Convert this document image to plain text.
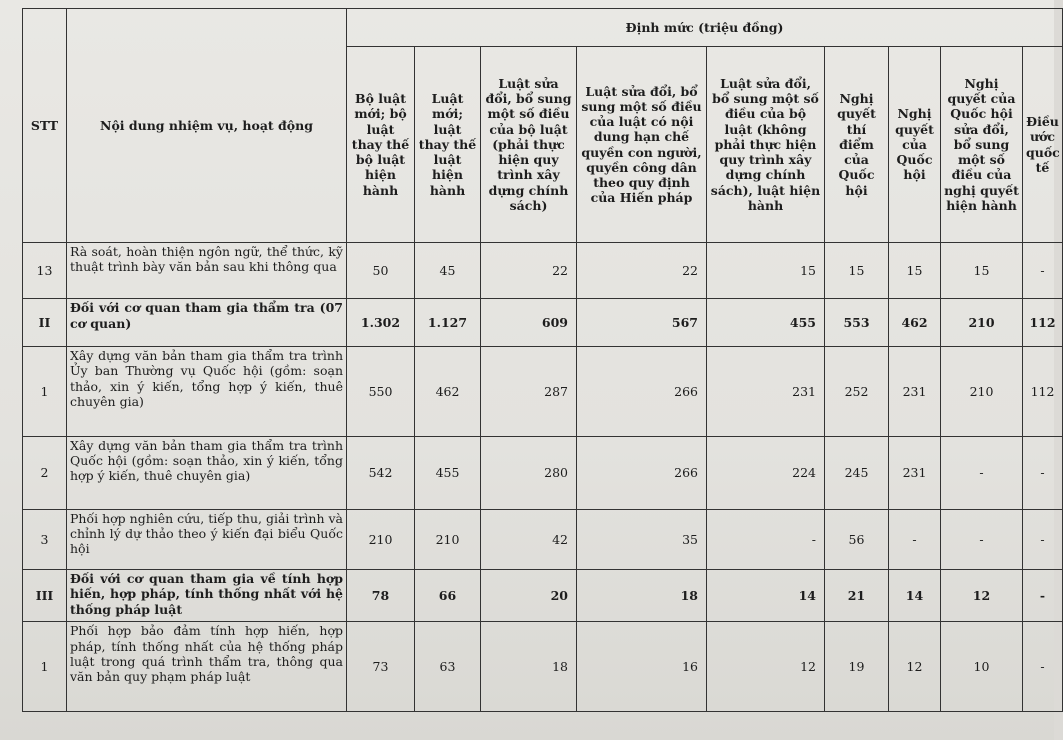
STT	Nội dung nhiệm vụ, hoạt động	Định mức (triệu đồng)								
		Bộ luật mới; bộ luật thay thế bộ luật hiện hành	Luật mới; luật thay thế luật hiện hành	Luật sửa đổi, bổ sung một số điều của bộ luật (phải thực hiện quy trình xây dựng chính sách)	Luật sửa đổi, bổ sung một số điều của luật có nội dung hạn chế quyền con người, quyền công dân theo quy định của Hiến pháp	Luật sửa đổi, bổ sung một số điều của bộ luật (không phải thực hiện quy trình xây dựng chính sách), luật hiện hành	Nghị quyết thí điểm của Quốc hội	Nghị quyết của Quốc hội	Nghị quyết của Quốc hội sửa đổi, bổ sung một số điều của nghị quyết hiện hành	Điều ước quốc tế
13	Rà soát, hoàn thiện ngôn ngữ, thể thức, kỹ thuật trình bày văn bản sau khi thông qua	50	45	22	22	15	15	15	15	-
II	Đối với cơ quan tham gia thẩm tra (07 cơ quan)	1.302	1.127	609	567	455	553	462	210	112
1	Xây dựng văn bản tham gia thẩm tra trình Ủy ban Thường vụ Quốc hội (gồm: soạn thảo, xin ý kiến, tổng hợp ý kiến, thuê chuyên gia)	550	462	287	266	231	252	231	210	112
2	Xây dựng văn bản tham gia thẩm tra trình Quốc hội (gồm: soạn thảo, xin ý kiến, tổng hợp ý kiến, thuê chuyên gia)	542	455	280	266	224	245	231	-	-
3	Phối hợp nghiên cứu, tiếp thu, giải trình và chỉnh lý dự thảo theo ý kiến đại biểu Quốc hội	210	210	42	35	-	56	-	-	-
III	Đối với cơ quan tham gia về tính hợp hiến, hợp pháp, tính thống nhất với hệ thống pháp luật	78	66	20	18	14	21	14	12	-
1	Phối hợp bảo đảm tính hợp hiến, hợp pháp, tính thống nhất của hệ thống pháp luật trong quá trình thẩm tra, thông qua văn bản quy phạm pháp luật	73	63	18	16	12	19	12	10	-
